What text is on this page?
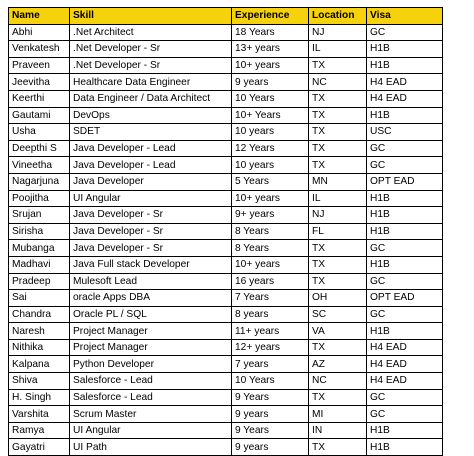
Name	Skill	Experience	Location	Visa
Abhi	.Net Architect	18 Years	NJ	GC
Venkatesh	.Net Developer - Sr	13+ years	IL	H1B
Praveen	.Net Developer - Sr	10+ years	TX	H1B
Jeevitha	Healthcare Data Engineer	9 years	NC	H4 EAD
Keerthi	Data Engineer / Data Architect	10 Years	TX	H4 EAD
Gautami	DevOps	10+ Years	TX	H1B
Usha	SDET	10 years	TX	USC
Deepthi S	Java Developer - Lead	12 Years	TX	GC
Vineetha	Java Developer - Lead	10 years	TX	GC
Nagarjuna	Java Developer	5 Years	MN	OPT EAD
Poojitha	UI Angular	10+ years	IL	H1B
Srujan	Java Developer - Sr	9+ years	NJ	H1B
Sirisha	Java Developer - Sr	8 Years	FL	H1B
Mubanga	Java Developer - Sr	8 Years	TX	GC
Madhavi	Java Full stack Developer	10+ years	TX	H1B
Pradeep	Mulesoft Lead	16 years	TX	GC
Sai	oracle Apps DBA	7 Years	OH	OPT EAD
Chandra	Oracle PL / SQL	8 years	SC	GC
Naresh	Project Manager	11+ years	VA	H1B
Nithika	Project Manager	12+ years	TX	H4 EAD
Kalpana	Python Developer	7 years	AZ	H4 EAD
Shiva	Salesforce - Lead	10 Years	NC	H4 EAD
H. Singh	Salesforce - Lead	9 Years	TX	GC
Varshita	Scrum Master	9 years	MI	GC
Ramya	UI Angular	9 Years	IN	H1B
Gayatri	UI Path	9 years	TX	H1B
